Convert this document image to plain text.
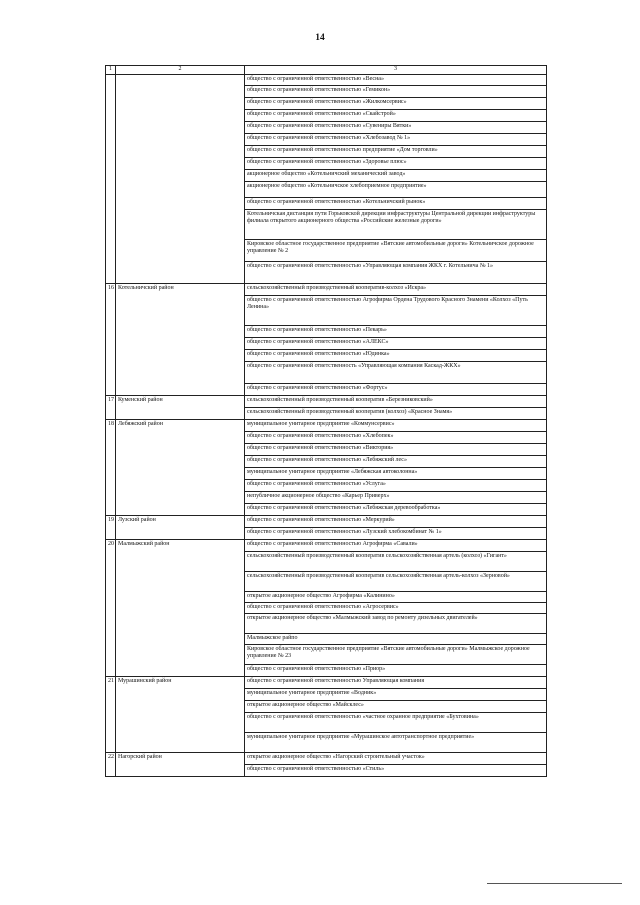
14
1	2	3
		общество с ограниченной ответственностью «Весна»
		общество с ограниченной ответственностью «Гемикон»
		общество с ограниченной ответственностью «Жилкомсервис»
		общество с ограниченной ответственностью «Скайстрой»
		общество с ограниченной ответственностью «Сувениры Вятки»
		общество с ограниченной ответственностью «Хлебозавод № 1»
		общество с ограниченной ответственностью предприятие «Дом торговли»
		общество с ограниченной ответственностью «Здоровье плюс»
		акционерное общество «Котельничский механический завод»
		акционерное общество «Котельничское хлебоприемное предприятие»
		общество с ограниченной ответственностью «Котельничский рынок»
		Котельничская дистанция пути Горьковской дирекции инфраструктуры Центральной дирекции инфраструктуры филиала открытого акционерного общества «Российские железные дороги»
		Кировское областное государственное предприятие «Вятские автомобильные дороги» Котельничское дорожное управление № 2
		общество с ограниченной ответственностью «Управляющая компания ЖКХ г. Котельнича № 1»
16	Котельничский район	сельскохозяйственный производственный кооператив-колхоз «Искра»
		общество с ограниченной ответственностью Агрофирма Ордена Трудового Красного Знамени «Колхоз «Путь Ленина»
		общество с ограниченной ответственностью «Пекарь»
		общество с ограниченной ответственностью «АЛЕКС»
		общество с ограниченной ответственностью «Юдинка»
		общество с ограниченной ответственность «Управляющая компания Каскад-ЖКХ»
		общество с ограниченной ответственностью «Фортус»
17	Куменский район	сельскохозяйственный производственный кооператив «Березниковский»
		сельскохозяйственный производственный кооператив (колхоз) «Красное Знамя»
18	Лебяжский район	муниципальное унитарное предприятие «Коммунсервис»
		общество с ограниченной ответственностью «Хлебопек»
		общество с ограниченной ответственностью «Виктория»
		общество с ограниченной ответственностью «Лебяжский лес»
		муниципальное унитарное предприятие «Лебяжская автоколонна»
		общество с ограниченной ответственностью «Услуга»
		непубличное акционерное общество «Карьер Приверх»
		общество с ограниченной ответственностью «Лебяжская деревообработка»
19	Лузский район	общество с ограниченной ответственностью «Меркурий»
		общество с ограниченной ответственностью «Лузский хлебокомбинат № 1»
20	Малмыжский район	общество с ограниченной ответственностью Агрофирма «Савали»
		сельскохозяйственный производственный кооператив сельскохозяйственная артель (колхоз) «Гигант»
		сельскохозяйственный производственный кооператив сельскохозяйственная артель-колхоз «Зерновой»
		открытое акционерное общество Агрофирма «Калинино»
		общество с ограниченной ответственностью «Агросервис»
		открытое акционерное общество «Малмыжский завод по ремонту дизельных двигателей»
		Малмыжское райпо
		Кировское областное государственное предприятие «Вятские автомобильные дороги» Малмыжское дорожное управление № 23
		общество с ограниченной ответственностью «Приор»
21	Мурашинский район	общество с ограниченной ответственностью Управляющая компания
		муниципальное унитарное предприятие «Водник»
		открытое акционерное общество «Майсклес»
		общество с ограниченной ответственностью «частное охранное предприятие «Бухтовина»
		муниципальное унитарное предприятие «Мурашинское автотранспортное предприятие»
22	Нагорский район	открытое акционерное общество «Нагорский строительный участок»
		общество с ограниченной ответственностью «Стиль»
